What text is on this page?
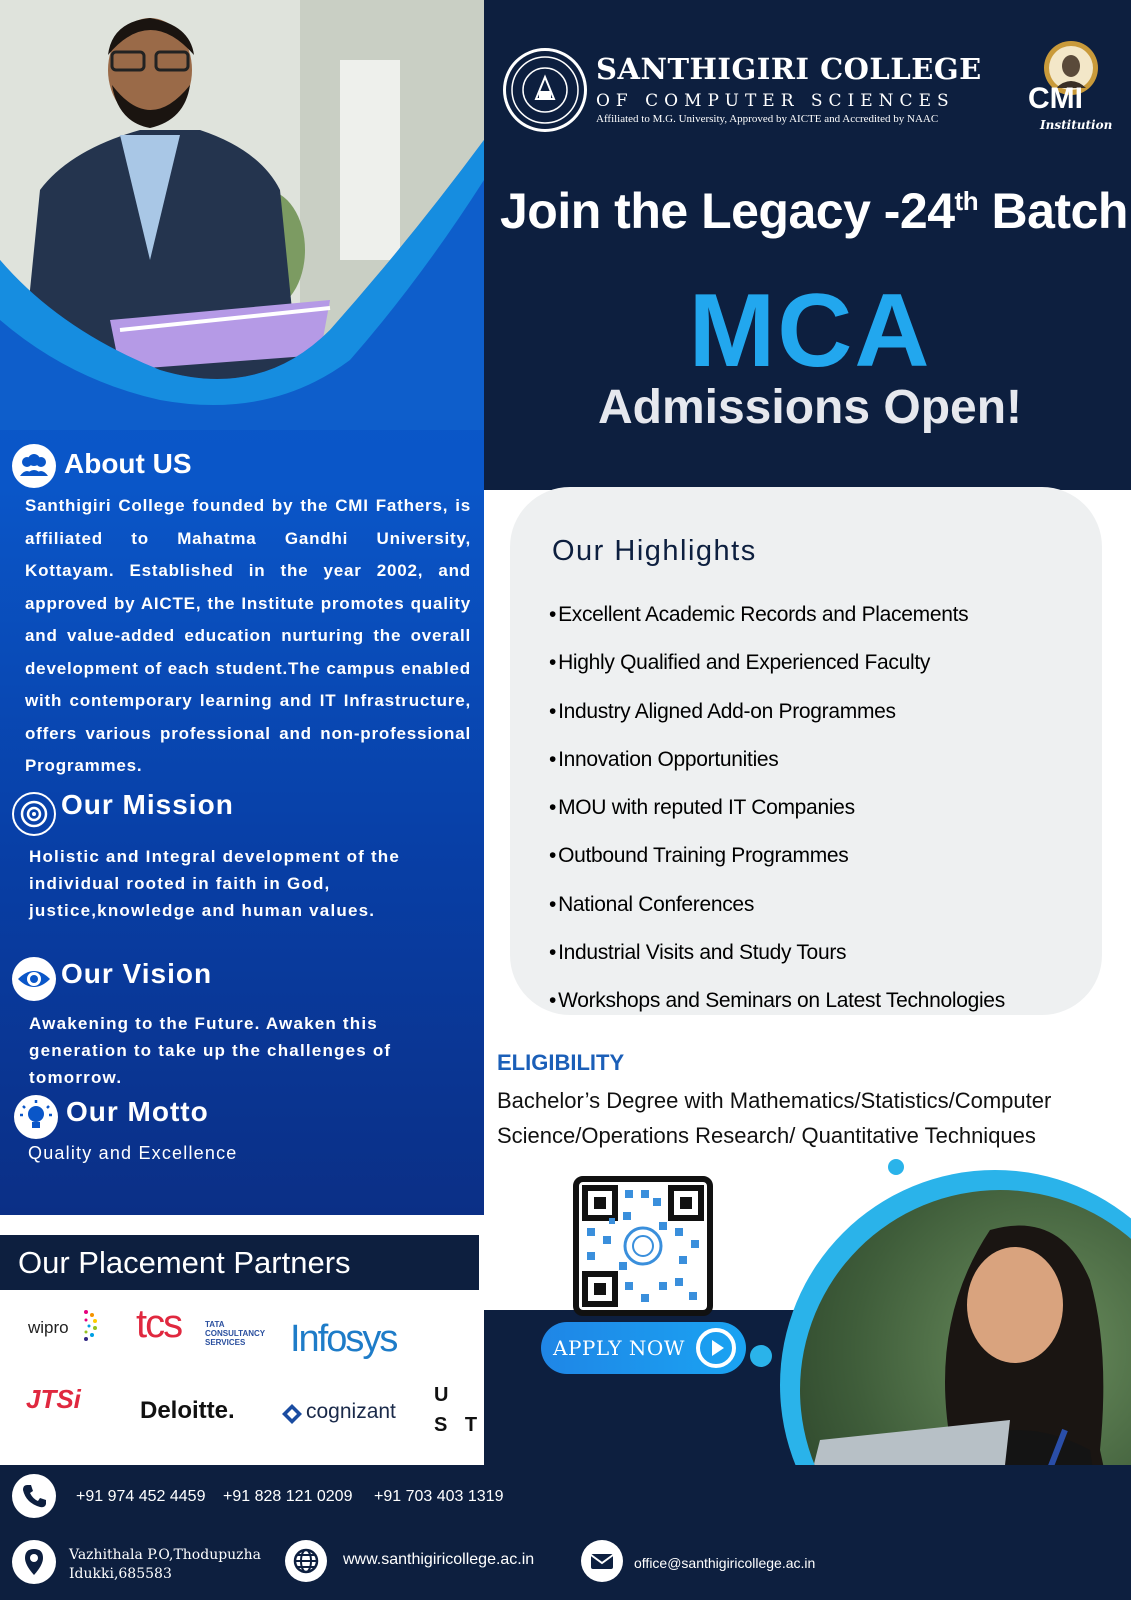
SANTHIGIRI COLLEGE
OF COMPUTER SCIENCES
Affiliated to M.G. University, Approved by AICTE and Accredited by NAAC
CMI
Institution
Join the Legacy -24th Batch
MCA
Admissions Open!
Our Highlights
• Excellent Academic Records and Placements
• Highly Qualified and Experienced Faculty
• Industry Aligned Add-on Programmes
• Innovation Opportunities
• MOU with reputed IT Companies
• Outbound Training Programmes
• National Conferences
• Industrial Visits and Study Tours
• Workshops and Seminars on Latest Technologies
ELIGIBILITY
Bachelor’s Degree with Mathematics/Statistics/Computer Science/Operations Research/ Quantitative Techniques
APPLY NOW
About US
Santhigiri College founded by the CMI Fathers, is affiliated to Mahatma Gandhi University, Kottayam. Established in the year 2002, and approved by AICTE, the Institute promotes quality and value-added education nurturing the overall development of each student.The campus enabled with contemporary learning and IT Infrastructure, offers various professional and non-professional Programmes.
Our Mission
Holistic and Integral development of the individual rooted in faith in God, justice,knowledge and human values.
Our Vision
Awakening to the Future. Awaken this generation to take up the challenges of tomorrow.
Our Motto
Quality and Excellence
Our Placement Partners
wipro tcs	TATA
CONSULTANCY
SERVICES	Infosys
JTSi Deloitte.	cognizant
U
S T
+91 974 452 4459 +91 828 121 0209 +91 703 403 1319
Vazhithala P.O,Thodupuzha
Idukki,685583
www.santhigiricollege.ac.in	office@santhigiricollege.ac.in
